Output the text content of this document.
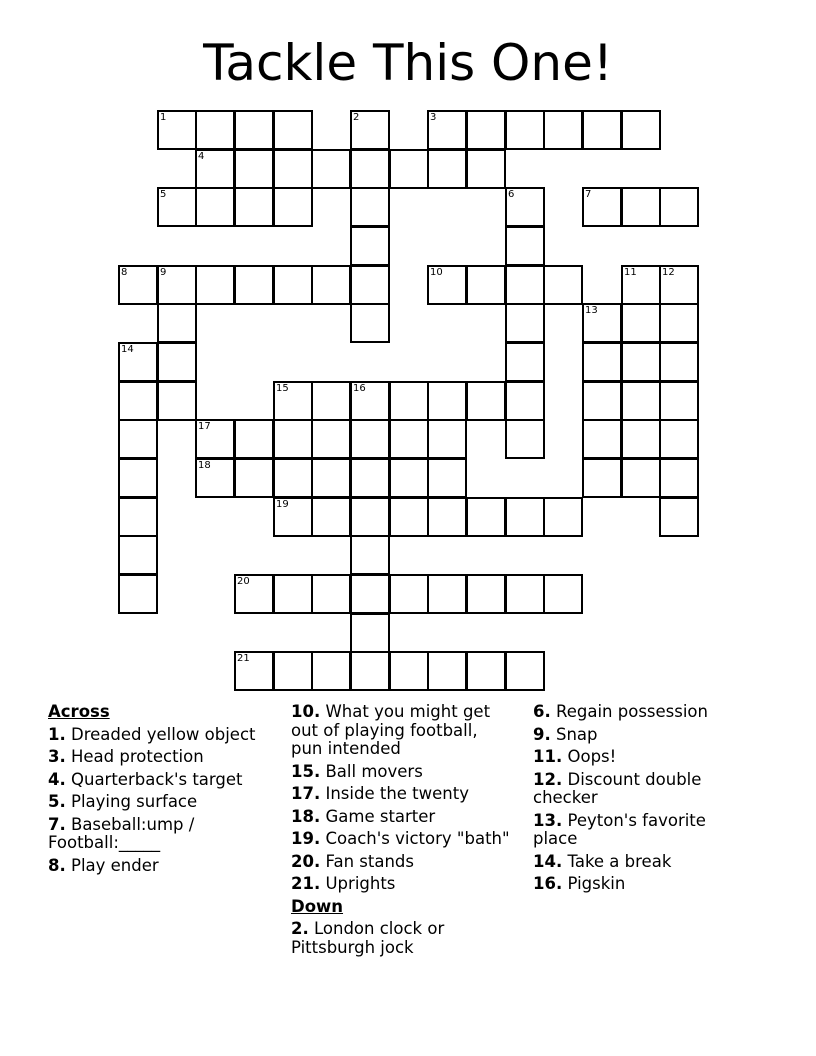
Tackle This One!
1	2	3
4
5	6	7
8	9	10	11	12
13
14
15	16
17
18
19
20
21
Across
1. Dreaded yellow object
3. Head protection
4. Quarterback's target
5. Playing surface
7. Baseball:ump / Football:_____
8. Play ender
10. What you might get out of playing football, pun intended
15. Ball movers
17. Inside the twenty
18. Game starter
19. Coach's victory "bath"
20. Fan stands
21. Uprights
Down
2. London clock or Pittsburgh jock
6. Regain possession
9. Snap
11. Oops!
12. Discount double checker
13. Peyton's favorite place
14. Take a break
16. Pigskin
